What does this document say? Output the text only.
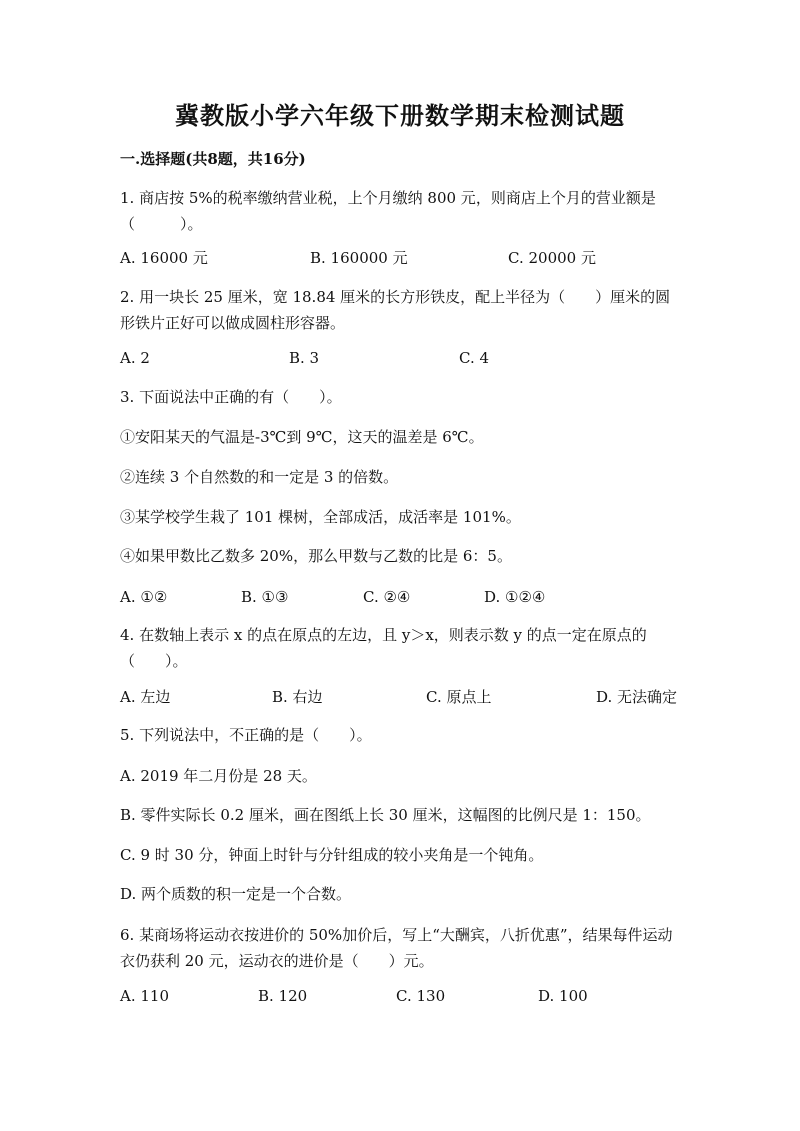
冀教版小学六年级下册数学期末检测试题
一.选择题(共8题，共16分)
1. 商店按 5%的税率缴纳营业税，上个月缴纳 800 元，则商店上个月的营业额是（　　　）。
A. 16000 元	B. 160000 元	C. 20000 元
2. 用一块长 25 厘米，宽 18.84 厘米的长方形铁皮，配上半径为（　　）厘米的圆形铁片正好可以做成圆柱形容器。
A. 2	B. 3	C. 4
3. 下面说法中正确的有（　　）。
①安阳某天的气温是-3℃到 9℃，这天的温差是 6℃。
②连续 3 个自然数的和一定是 3 的倍数。
③某学校学生栽了 101 棵树，全部成活，成活率是 101%。
④如果甲数比乙数多 20%，那么甲数与乙数的比是 6：5。
A. ①②	B. ①③	C. ②④	D. ①②④
4. 在数轴上表示 x 的点在原点的左边，且 y＞x，则表示数 y 的点一定在原点的（　　）。
A. 左边	B. 右边	C. 原点上	D. 无法确定
5. 下列说法中，不正确的是（　　）。
A. 2019 年二月份是 28 天。
B. 零件实际长 0.2 厘米，画在图纸上长 30 厘米，这幅图的比例尺是 1：150。
C. 9 时 30 分，钟面上时针与分针组成的较小夹角是一个钝角。
D. 两个质数的积一定是一个合数。
6. 某商场将运动衣按进价的 50%加价后，写上“大酬宾，八折优惠”，结果每件运动衣仍获利 20 元，运动衣的进价是（　　）元。
A. 110	B. 120	C. 130	D. 100
